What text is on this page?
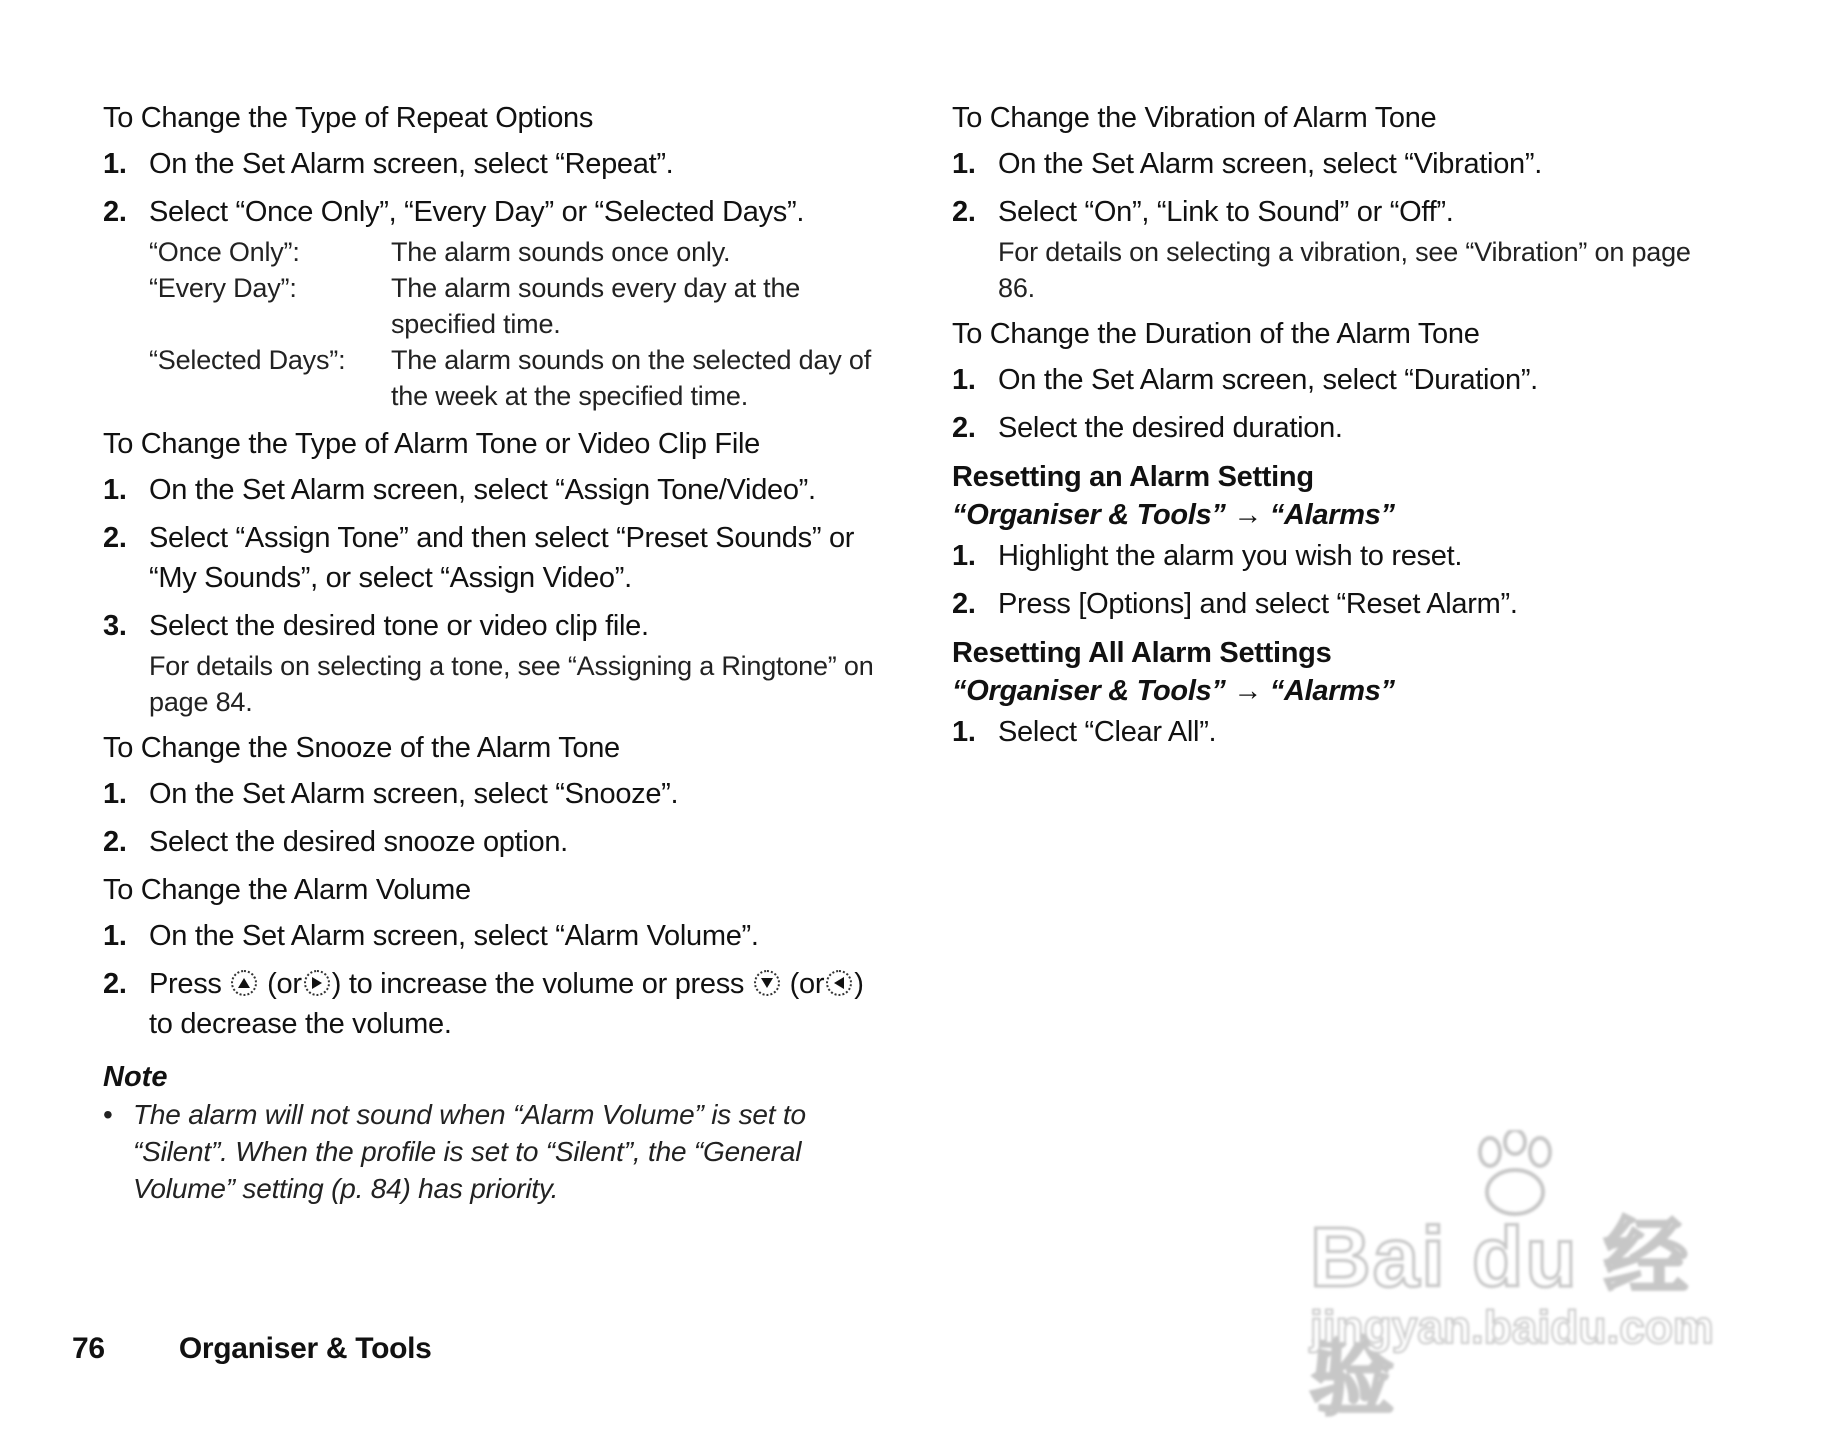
To Change the Type of Repeat Options
1. On the Set Alarm screen, select “Repeat”.
2. Select “Once Only”, “Every Day” or “Selected Days”.
“Once Only”:	The alarm sounds once only.
“Every Day”:	The alarm sounds every day at the specified time.
“Selected Days”:	The alarm sounds on the selected day of the week at the specified time.
To Change the Type of Alarm Tone or Video Clip File
1. On the Set Alarm screen, select “Assign Tone/Video”.
2. Select “Assign Tone” and then select “Preset Sounds” or “My Sounds”, or select “Assign Video”.
3. Select the desired tone or video clip file.
For details on selecting a tone, see “Assigning a Ringtone” on page 84.
To Change the Snooze of the Alarm Tone
1. On the Set Alarm screen, select “Snooze”.
2. Select the desired snooze option.
To Change the Alarm Volume
1. On the Set Alarm screen, select “Alarm Volume”.
2. Press (or ) to increase the volume or press (or ) to decrease the volume.
Note
• The alarm will not sound when “Alarm Volume” is set to “Silent”. When the profile is set to “Silent”, the “General Volume” setting (p. 84) has priority.
To Change the Vibration of Alarm Tone
1. On the Set Alarm screen, select “Vibration”.
2. Select “On”, “Link to Sound” or “Off”.
For details on selecting a vibration, see “Vibration” on page 86.
To Change the Duration of the Alarm Tone
1. On the Set Alarm screen, select “Duration”.
2. Select the desired duration.
Resetting an Alarm Setting
“Organiser & Tools” → “Alarms”
1. Highlight the alarm you wish to reset.
2. Press [Options] and select “Reset Alarm”.
Resetting All Alarm Settings
“Organiser & Tools” → “Alarms”
1. Select “Clear All”.
76 Organiser & Tools
Bai du 经验
jingyan.baidu.com
